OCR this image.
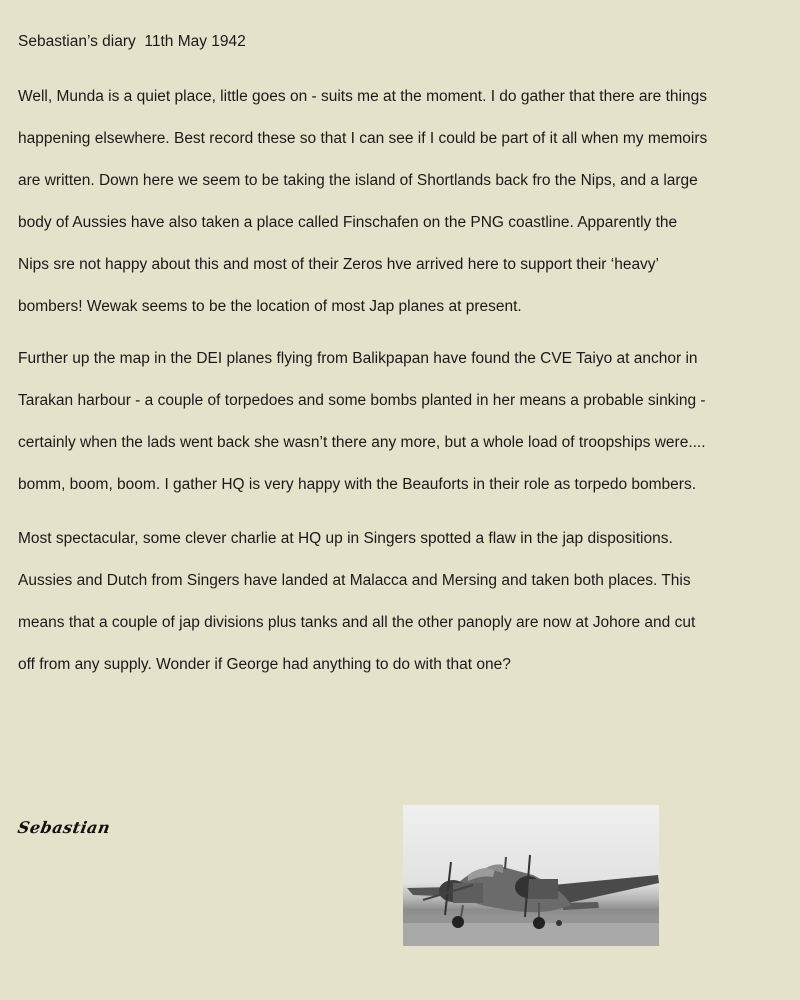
Sebastian’s diary  11th May 1942

Well, Munda is a quiet place, little goes on - suits me at the moment. I do gather that there are things
happening elsewhere. Best record these so that I can see if I could be part of it all when my memoirs
are written. Down here we seem to be taking the island of Shortlands back fro the Nips, and a large
body of Aussies have also taken a place called Finschafen on the PNG coastline. Apparently the
Nips sre not happy about this and most of their Zeros hve arrived here to support their ‘heavy’
bombers! Wewak seems to be the location of most Jap planes at present.

Further up the map in the DEI planes flying from Balikpapan have found the CVE Taiyo at anchor in
Tarakan harbour - a couple of torpedoes and some bombs planted in her means a probable sinking -
certainly when the lads went back she wasn’t there any more, but a whole load of troopships were....
bomm, boom, boom. I gather HQ is very happy with the Beauforts in their role as torpedo bombers.

Most spectacular, some clever charlie at HQ up in Singers spotted a flaw in the jap dispositions.
Aussies and Dutch from Singers have landed at Malacca and Mersing and taken both places. This
means that a couple of jap divisions plus tanks and all the other panoply are now at Johore and cut
off from any supply. Wonder if George had anything to do with that one?

Sebastian
